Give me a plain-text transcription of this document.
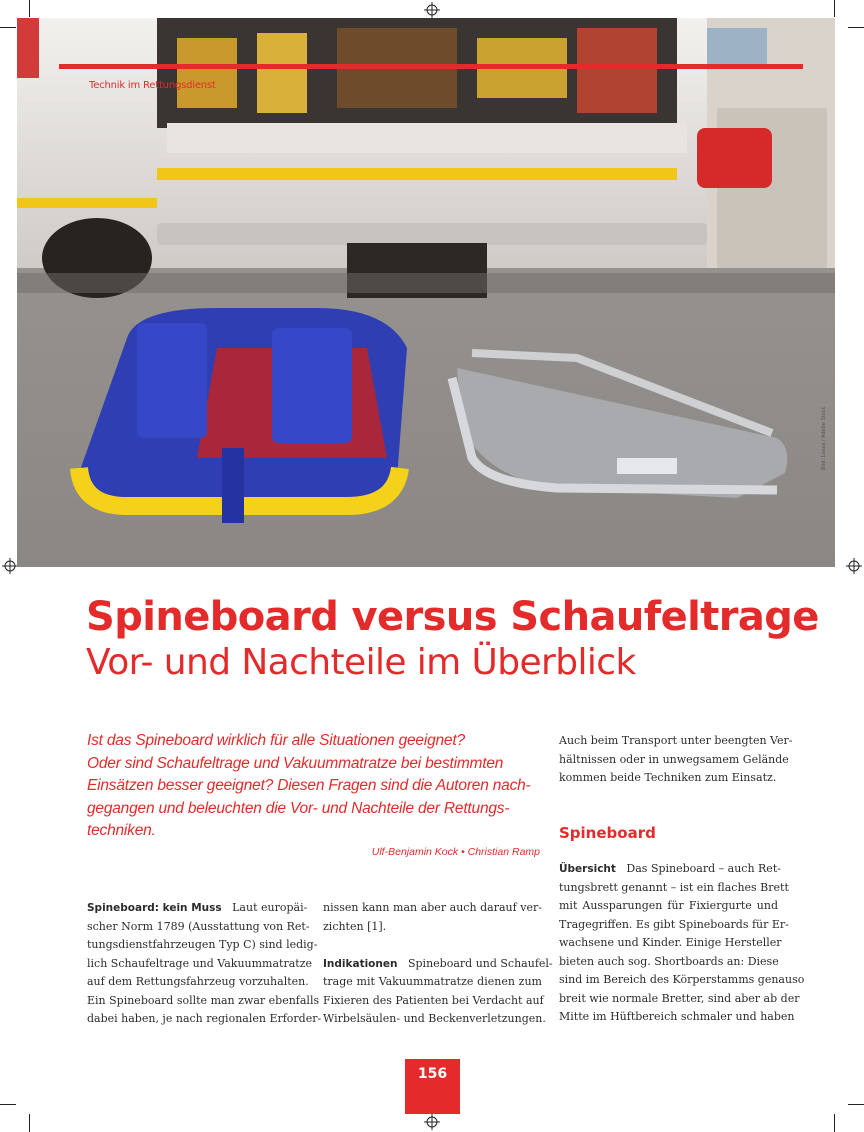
Technik im Rettungsdienst
Bild: Leesa / Adobe Stock
Spineboard versus Schaufeltrage
Vor- und Nachteile im Überblick

Ist das Spineboard wirklich für alle Situationen geeignet?

Oder sind Schaufeltrage und Vakuummatratze bei bestimmten

Einsätzen besser geeignet? Diesen Fragen sind die Autoren nach-

gegangen und beleuchten die Vor- und Nachteile der Rettungs-

techniken.

Ulf-Benjamin Kock • Christian Ramp

Spineboard: kein Muss Laut europäi-

scher Norm 1789 (Ausstattung von Ret-

tungsdienstfahrzeugen Typ C) sind ledig-

lich Schaufeltrage und Vakuummatratze

auf dem Rettungsfahrzeug vorzuhalten.

Ein Spineboard sollte man zwar ebenfalls

dabei haben, je nach regionalen Erforder-

nissen kann man aber auch darauf ver-

zichten [1].

Indikationen Spineboard und Schaufel-

trage mit Vakuummatratze dienen zum

Fixieren des Patienten bei Verdacht auf

Wirbelsäulen- und Beckenverletzungen.

Auch beim Transport unter beengten Ver-

hältnissen oder in unwegsamem Gelände

kommen beide Techniken zum Einsatz.

Spineboard

Übersicht Das Spineboard – auch Ret-

tungsbrett genannt – ist ein flaches Brett

mit Aussparungen für Fixiergurte und

Tragegriffen. Es gibt Spineboards für Er-

wachsene und Kinder. Einige Hersteller

bieten auch sog. Shortboards an: Diese

sind im Bereich des Körperstamms genauso

breit wie normale Bretter, sind aber ab der

Mitte im Hüftbereich schmaler und haben

156
